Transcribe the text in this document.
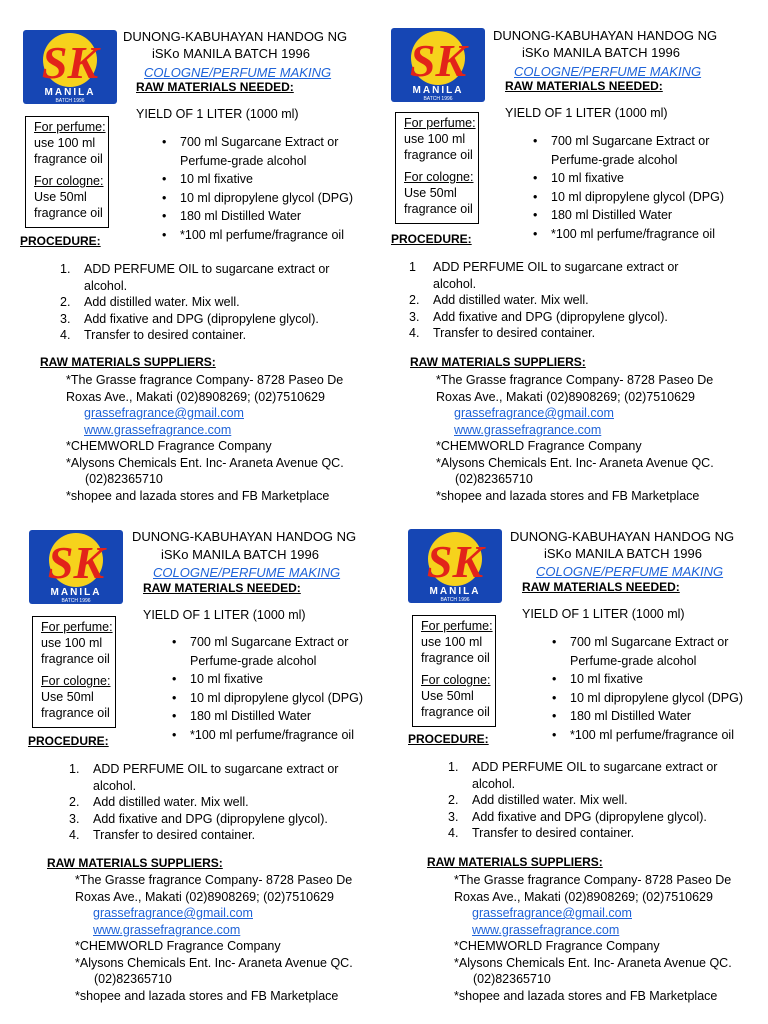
SK
MANILA
BATCH 1996
DUNONG-KABUHAYAN HANDOG NG
iSKo MANILA BATCH 1996
COLOGNE/PERFUME MAKING
RAW MATERIALS NEEDED:
YIELD OF 1 LITER (1000 ml)
For perfume:
use 100 ml
fragrance oil
For cologne:
Use 50ml
fragrance oil
• 700 ml Sugarcane Extract or
Perfume-grade alcohol
• 10 ml fixative
• 10 ml dipropylene glycol (DPG)
• 180 ml Distilled Water
• *100 ml perfume/fragrance oil
PROCEDURE:
1. ADD PERFUME OIL to sugarcane extract or
alcohol.
2. Add distilled water. Mix well.
3. Add fixative and DPG (dipropylene glycol).
4. Transfer to desired container.
RAW MATERIALS SUPPLIERS:
*The Grasse fragrance Company- 8728 Paseo De
Roxas Ave., Makati (02)8908269; (02)7510629
grassefragrance@gmail.com
www.grassefragrance.com
*CHEMWORLD Fragrance Company
*Alysons Chemicals Ent. Inc- Araneta Avenue QC.
(02)82365710
*shopee and lazada stores and FB Marketplace
SK
MANILA
BATCH 1996
DUNONG-KABUHAYAN HANDOG NG
iSKo MANILA BATCH 1996
COLOGNE/PERFUME MAKING
RAW MATERIALS NEEDED:
YIELD OF 1 LITER (1000 ml)
For perfume:
use 100 ml
fragrance oil
For cologne:
Use 50ml
fragrance oil
• 700 ml Sugarcane Extract or
Perfume-grade alcohol
• 10 ml fixative
• 10 ml dipropylene glycol (DPG)
• 180 ml Distilled Water
• *100 ml perfume/fragrance oil
PROCEDURE:
1 ADD PERFUME OIL to sugarcane extract or
alcohol.
2. Add distilled water. Mix well.
3. Add fixative and DPG (dipropylene glycol).
4. Transfer to desired container.
RAW MATERIALS SUPPLIERS:
*The Grasse fragrance Company- 8728 Paseo De
Roxas Ave., Makati (02)8908269; (02)7510629
grassefragrance@gmail.com
www.grassefragrance.com
*CHEMWORLD Fragrance Company
*Alysons Chemicals Ent. Inc- Araneta Avenue QC.
(02)82365710
*shopee and lazada stores and FB Marketplace
SK
MANILA
BATCH 1996
DUNONG-KABUHAYAN HANDOG NG
iSKo MANILA BATCH 1996
COLOGNE/PERFUME MAKING
RAW MATERIALS NEEDED:
YIELD OF 1 LITER (1000 ml)
For perfume:
use 100 ml
fragrance oil
For cologne:
Use 50ml
fragrance oil
• 700 ml Sugarcane Extract or
Perfume-grade alcohol
• 10 ml fixative
• 10 ml dipropylene glycol (DPG)
• 180 ml Distilled Water
• *100 ml perfume/fragrance oil
PROCEDURE:
1. ADD PERFUME OIL to sugarcane extract or
alcohol.
2. Add distilled water. Mix well.
3. Add fixative and DPG (dipropylene glycol).
4. Transfer to desired container.
RAW MATERIALS SUPPLIERS:
*The Grasse fragrance Company- 8728 Paseo De
Roxas Ave., Makati (02)8908269; (02)7510629
grassefragrance@gmail.com
www.grassefragrance.com
*CHEMWORLD Fragrance Company
*Alysons Chemicals Ent. Inc- Araneta Avenue QC.
(02)82365710
*shopee and lazada stores and FB Marketplace
SK
MANILA
BATCH 1996
DUNONG-KABUHAYAN HANDOG NG
iSKo MANILA BATCH 1996
COLOGNE/PERFUME MAKING
RAW MATERIALS NEEDED:
YIELD OF 1 LITER (1000 ml)
For perfume:
use 100 ml
fragrance oil
For cologne:
Use 50ml
fragrance oil
• 700 ml Sugarcane Extract or
Perfume-grade alcohol
• 10 ml fixative
• 10 ml dipropylene glycol (DPG)
• 180 ml Distilled Water
• *100 ml perfume/fragrance oil
PROCEDURE:
1. ADD PERFUME OIL to sugarcane extract or
alcohol.
2. Add distilled water. Mix well.
3. Add fixative and DPG (dipropylene glycol).
4. Transfer to desired container.
RAW MATERIALS SUPPLIERS:
*The Grasse fragrance Company- 8728 Paseo De
Roxas Ave., Makati (02)8908269; (02)7510629
grassefragrance@gmail.com
www.grassefragrance.com
*CHEMWORLD Fragrance Company
*Alysons Chemicals Ent. Inc- Araneta Avenue QC.
(02)82365710
*shopee and lazada stores and FB Marketplace
